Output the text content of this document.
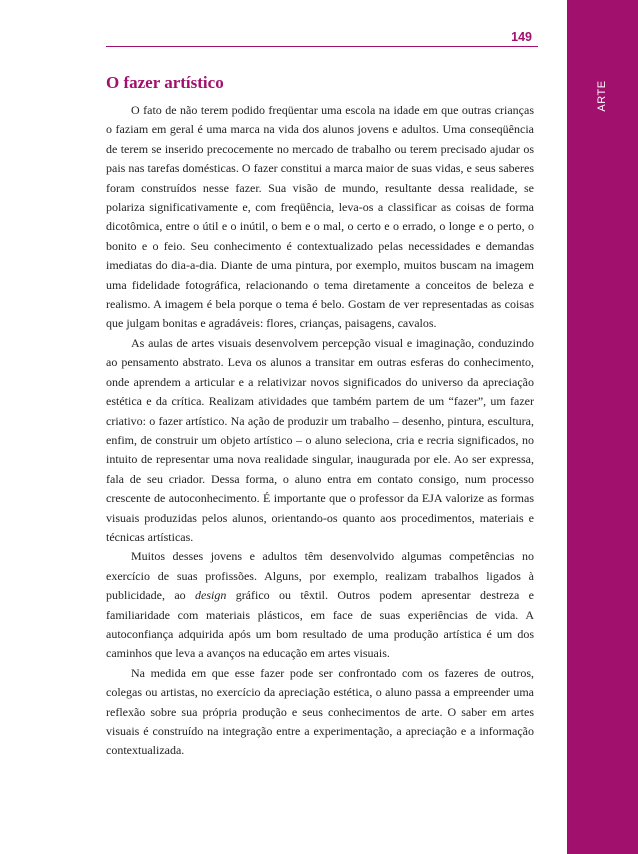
ARTE
149
O fazer artístico

O fato de não terem podido freqüentar uma escola na idade em que outras crianças o faziam em geral é uma marca na vida dos alunos jovens e adultos. Uma conseqüência de terem se inserido precocemente no mercado de trabalho ou terem precisado ajudar os pais nas tarefas domésticas. O fazer constitui a marca maior de suas vidas, e seus saberes foram construídos nesse fazer. Sua visão de mundo, resultante dessa realidade, se polariza significativamente e, com freqüência, leva-os a classificar as coisas de forma dicotômica, entre o útil e o inútil, o bem e o mal, o certo e o errado, o longe e o perto, o bonito e o feio. Seu conhecimento é contextualizado pelas necessidades e demandas imediatas do dia-a-dia. Diante de uma pintura, por exemplo, muitos buscam na imagem uma fidelidade fotográfica, relacionando o tema diretamente a conceitos de beleza e realismo. A imagem é bela porque o tema é belo. Gostam de ver representadas as coisas que julgam bonitas e agradáveis: flores, crianças, paisagens, cavalos.

As aulas de artes visuais desenvolvem percepção visual e imaginação, conduzindo ao pensamento abstrato. Leva os alunos a transitar em outras esferas do conhecimento, onde aprendem a articular e a relativizar novos significados do universo da apreciação estética e da crítica. Realizam atividades que também partem de um “fazer”, um fazer criativo: o fazer artístico. Na ação de produzir um trabalho – desenho, pintura, escultura, enfim, de construir um objeto artístico – o aluno seleciona, cria e recria significados, no intuito de representar uma nova realidade singular, inaugurada por ele. Ao ser expressa, fala de seu criador. Dessa forma, o aluno entra em contato consigo, num processo crescente de autoconhecimento. É importante que o professor da EJA valorize as formas visuais produzidas pelos alunos, orientando-os quanto aos procedimentos, materiais e técnicas artísticas.

Muitos desses jovens e adultos têm desenvolvido algumas competências no exercício de suas profissões. Alguns, por exemplo, realizam trabalhos ligados à publicidade, ao design gráfico ou têxtil. Outros podem apresentar destreza e familiaridade com materiais plásticos, em face de suas experiências de vida. A autoconfiança adquirida após um bom resultado de uma produção artística é um dos caminhos que leva a avanços na educação em artes visuais.

Na medida em que esse fazer pode ser confrontado com os fazeres de outros, colegas ou artistas, no exercício da apreciação estética, o aluno passa a empreender uma reflexão sobre sua própria produção e seus conhecimentos de arte. O saber em artes visuais é construído na integração entre a experimentação, a apreciação e a informação contextualizada.
